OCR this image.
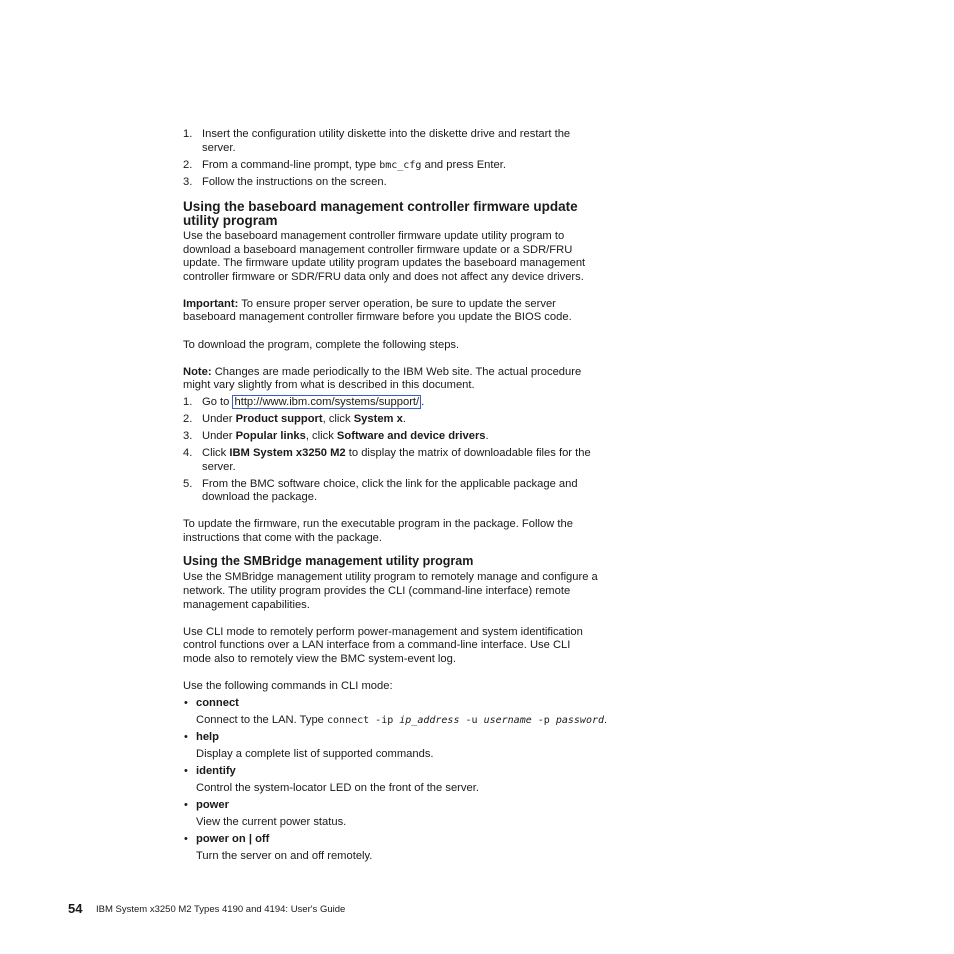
1. Insert the configuration utility diskette into the diskette drive and restart the
server.
2. From a command-line prompt, type bmc_cfg and press Enter.
3. Follow the instructions on the screen.
Using the baseboard management controller firmware update
utility program
Use the baseboard management controller firmware update utility program to
download a baseboard management controller firmware update or a SDR/FRU
update. The firmware update utility program updates the baseboard management
controller firmware or SDR/FRU data only and does not affect any device drivers.
Important: To ensure proper server operation, be sure to update the server
baseboard management controller firmware before you update the BIOS code.
To download the program, complete the following steps.
Note: Changes are made periodically to the IBM Web site. The actual procedure
might vary slightly from what is described in this document.
1. Go to http://www.ibm.com/systems/support/ .
2. Under Product support, click System x.
3. Under Popular links, click Software and device drivers.
4. Click IBM System x3250 M2 to display the matrix of downloadable files for the
server.
5. From the BMC software choice, click the link for the applicable package and
download the package.
To update the firmware, run the executable program in the package. Follow the
instructions that come with the package.
Using the SMBridge management utility program
Use the SMBridge management utility program to remotely manage and configure a
network. The utility program provides the CLI (command-line interface) remote
management capabilities.
Use CLI mode to remotely perform power-management and system identification
control functions over a LAN interface from a command-line interface. Use CLI
mode also to remotely view the BMC system-event log.
Use the following commands in CLI mode:
• connect
Connect to the LAN. Type connect -ip ip_address -u username -p password.
• help
Display a complete list of supported commands.
• identify
Control the system-locator LED on the front of the server.
• power
View the current power status.
• power on | off
Turn the server on and off remotely.
54 IBM System x3250 M2 Types 4190 and 4194: User's Guide
